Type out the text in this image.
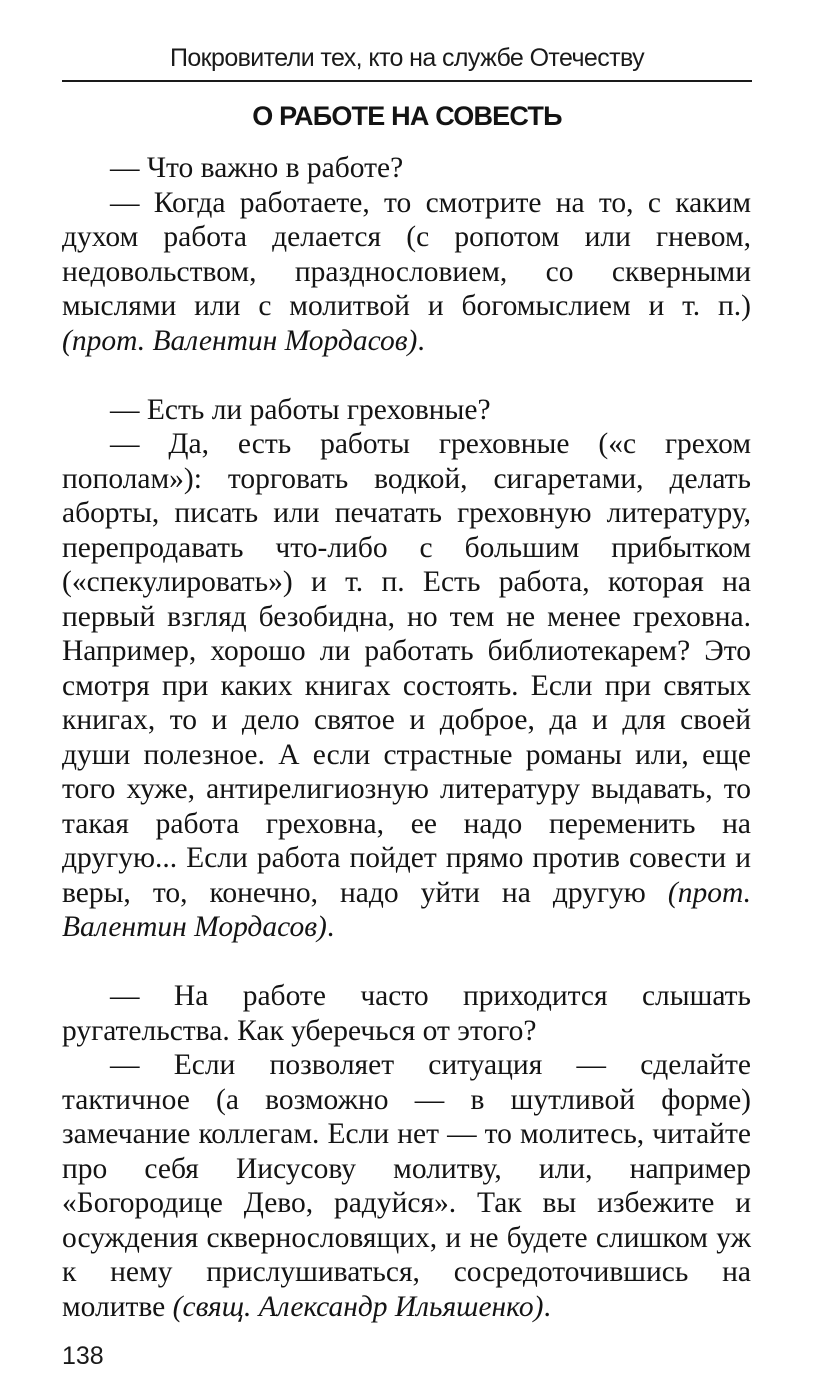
Покровители тех, кто на службе Отечеству
О РАБОТЕ НА СОВЕСТЬ

— Что важно в работе?

— Когда работаете, то смотрите на то, с каким духом работа делается (с ропотом или гневом, недовольством, празднословием, со скверными мыслями или с молитвой и богомыслием и т. п.) (прот. Валентин Мордасов).

— Есть ли работы греховные?

— Да, есть работы греховные («с грехом пополам»): торговать водкой, сигаретами, делать аборты, писать или печатать греховную литературу, перепродавать что-либо с большим прибытком («спекулировать») и т. п. Есть работа, которая на первый взгляд безобидна, но тем не менее греховна. Например, хорошо ли работать библиотекарем? Это смотря при каких книгах состоять. Если при святых книгах, то и дело святое и доброе, да и для своей души полезное. А если страстные романы или, еще того хуже, антирелигиозную литературу выдавать, то такая работа греховна, ее надо переменить на другую... Если работа пойдет прямо против совести и веры, то, конечно, надо уйти на другую (прот. Валентин Мордасов).

— На работе часто приходится слышать ругательства. Как уберечься от этого?

— Если позволяет ситуация — сделайте тактичное (а возможно — в шутливой форме) замечание коллегам. Если нет — то молитесь, читайте про себя Иисусову молитву, или, например «Богородице Дево, радуйся». Так вы избежите и осуждения сквернословящих, и не будете слишком уж к нему прислушиваться, сосредоточившись на молитве (свящ. Александр Ильяшенко).

138
